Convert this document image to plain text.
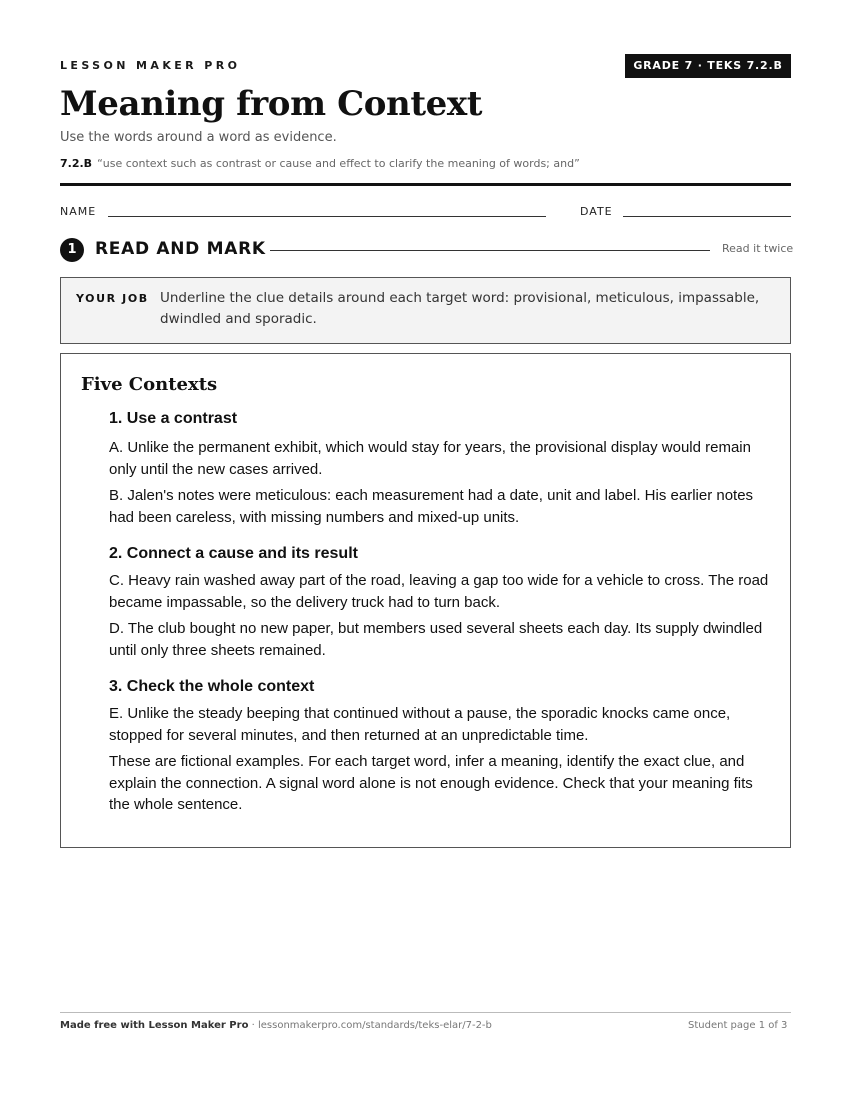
LESSON MAKER PRO	GRADE 7 · TEKS 7.2.B
Meaning from Context
Use the words around a word as evidence.
7.2.B “use context such as contrast or cause and effect to clarify the meaning of words; and”
NAME	DATE
1	READ AND MARK	Read it twice
YOUR JOB Underline the clue details around each target word: provisional, meticulous, impassable, dwindled and sporadic.
Five Contexts
1. Use a contrast
A. Unlike the permanent exhibit, which would stay for years, the provisional display would remain only until the new cases arrived.
B. Jalen's notes were meticulous: each measurement had a date, unit and label. His earlier notes had been careless, with missing numbers and mixed-up units.
2. Connect a cause and its result
C. Heavy rain washed away part of the road, leaving a gap too wide for a vehicle to cross. The road became impassable, so the delivery truck had to turn back.
D. The club bought no new paper, but members used several sheets each day. Its supply dwindled until only three sheets remained.
3. Check the whole context
E. Unlike the steady beeping that continued without a pause, the sporadic knocks came once, stopped for several minutes, and then returned at an unpredictable time.
These are fictional examples. For each target word, infer a meaning, identify the exact clue, and explain the connection. A signal word alone is not enough evidence. Check that your meaning fits the whole sentence.
Made free with Lesson Maker Pro · lessonmakerpro.com/standards/teks-elar/7-2-b	Student page 1 of 3
